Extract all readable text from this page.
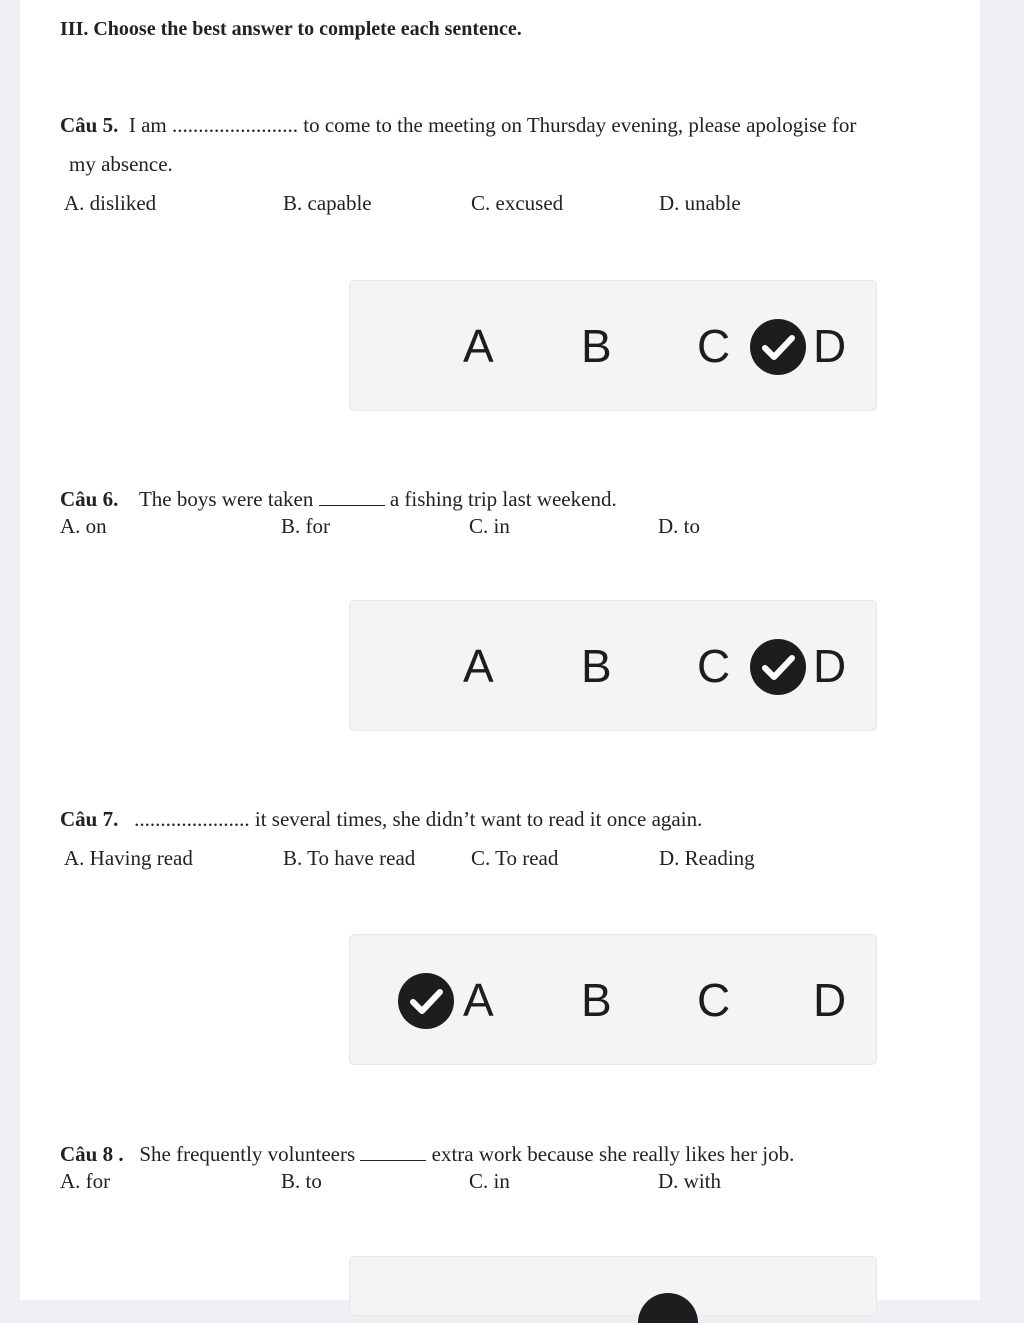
III. Choose the best answer to complete each sentence.
Câu 5. I am ........................ to come to the meeting on Thursday evening, please apologise for
my absence.
A. disliked	B. capable	C. excused	D. unable
A B C D
Câu 6. The boys were taken	a fishing trip last weekend.
A. on	B. for	C. in	D. to
A B C D
Câu 7. ...................... it several times, she didn’t want to read it once again.
A. Having read	B. To have read	C. To read	D. Reading
A B C D
Câu 8 . She frequently volunteers	extra work because she really likes her job.
A. for	B. to	C. in	D. with
